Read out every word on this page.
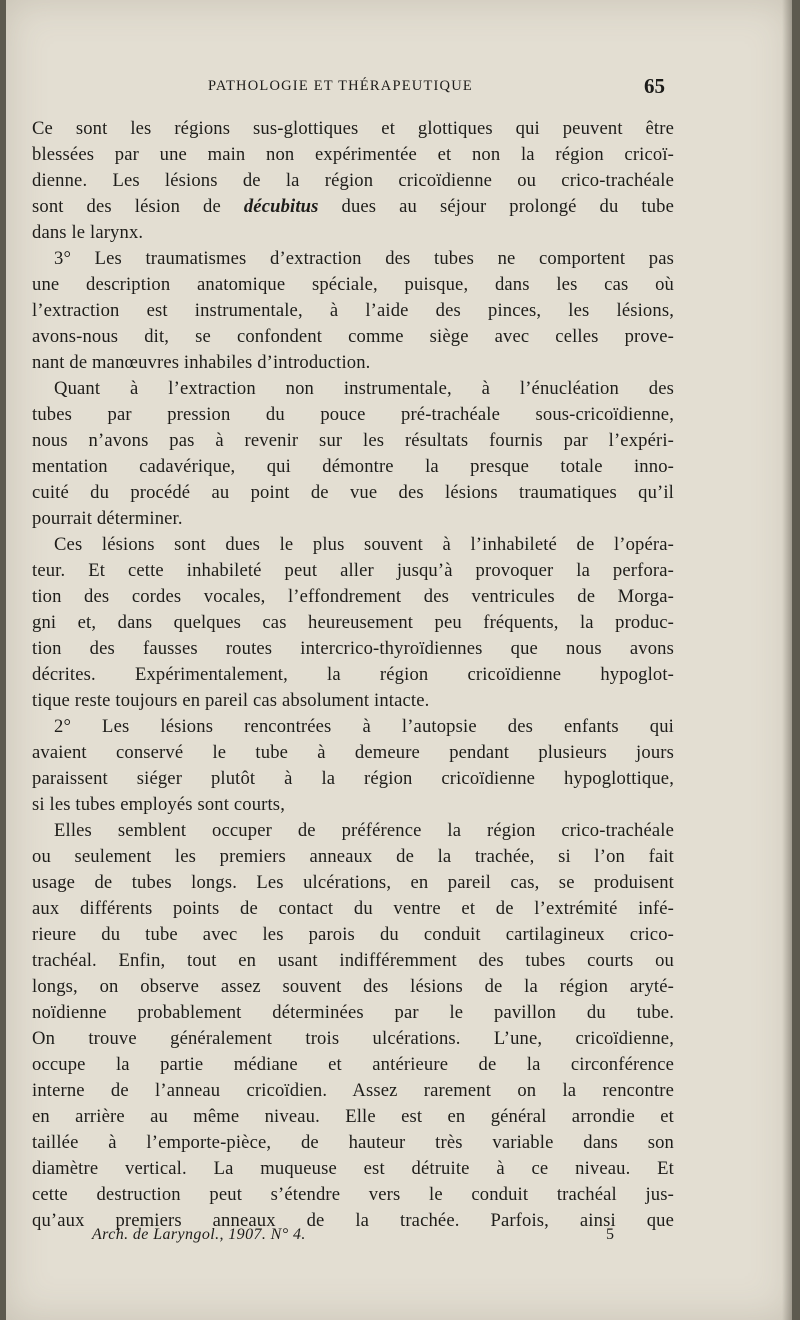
PATHOLOGIE ET THÉRAPEUTIQUE	65
Ce sont les régions sus-glottiques et glottiques qui peuvent être
blessées par une main non expérimentée et non la région cricoï-
dienne. Les lésions de la région cricoïdienne ou crico-trachéale
sont des lésion de décubitus dues au séjour prolongé du tube
dans le larynx.
3° Les traumatismes d’extraction des tubes ne comportent pas
une description anatomique spéciale, puisque, dans les cas où
l’extraction est instrumentale, à l’aide des pinces, les lésions,
avons-nous dit, se confondent comme siège avec celles prove-
nant de manœuvres inhabiles d’introduction.
Quant à l’extraction non instrumentale, à l’énucléation des
tubes par pression du pouce pré-trachéale sous-cricoïdienne,
nous n’avons pas à revenir sur les résultats fournis par l’expéri-
mentation cadavérique, qui démontre la presque totale inno-
cuité du procédé au point de vue des lésions traumatiques qu’il
pourrait déterminer.
Ces lésions sont dues le plus souvent à l’inhabileté de l’opéra-
teur. Et cette inhabileté peut aller jusqu’à provoquer la perfora-
tion des cordes vocales, l’effondrement des ventricules de Morga-
gni et, dans quelques cas heureusement peu fréquents, la produc-
tion des fausses routes intercrico-thyroïdiennes que nous avons
décrites. Expérimentalement, la région cricoïdienne hypoglot-
tique reste toujours en pareil cas absolument intacte.
2° Les lésions rencontrées à l’autopsie des enfants qui
avaient conservé le tube à demeure pendant plusieurs jours
paraissent siéger plutôt à la région cricoïdienne hypoglottique,
si les tubes employés sont courts,
Elles semblent occuper de préférence la région crico-trachéale
ou seulement les premiers anneaux de la trachée, si l’on fait
usage de tubes longs. Les ulcérations, en pareil cas, se produisent
aux différents points de contact du ventre et de l’extrémité infé-
rieure du tube avec les parois du conduit cartilagineux crico-
trachéal. Enfin, tout en usant indifféremment des tubes courts ou
longs, on observe assez souvent des lésions de la région aryté-
noïdienne probablement déterminées par le pavillon du tube.
On trouve généralement trois ulcérations. L’une, cricoïdienne,
occupe la partie médiane et antérieure de la circonférence
interne de l’anneau cricoïdien. Assez rarement on la rencontre
en arrière au même niveau. Elle est en général arrondie et
taillée à l’emporte-pièce, de hauteur très variable dans son
diamètre vertical. La muqueuse est détruite à ce niveau. Et
cette destruction peut s’étendre vers le conduit trachéal jus-
qu’aux premiers anneaux de la trachée. Parfois, ainsi que
Arch. de Laryngol., 1907. N° 4.	5
